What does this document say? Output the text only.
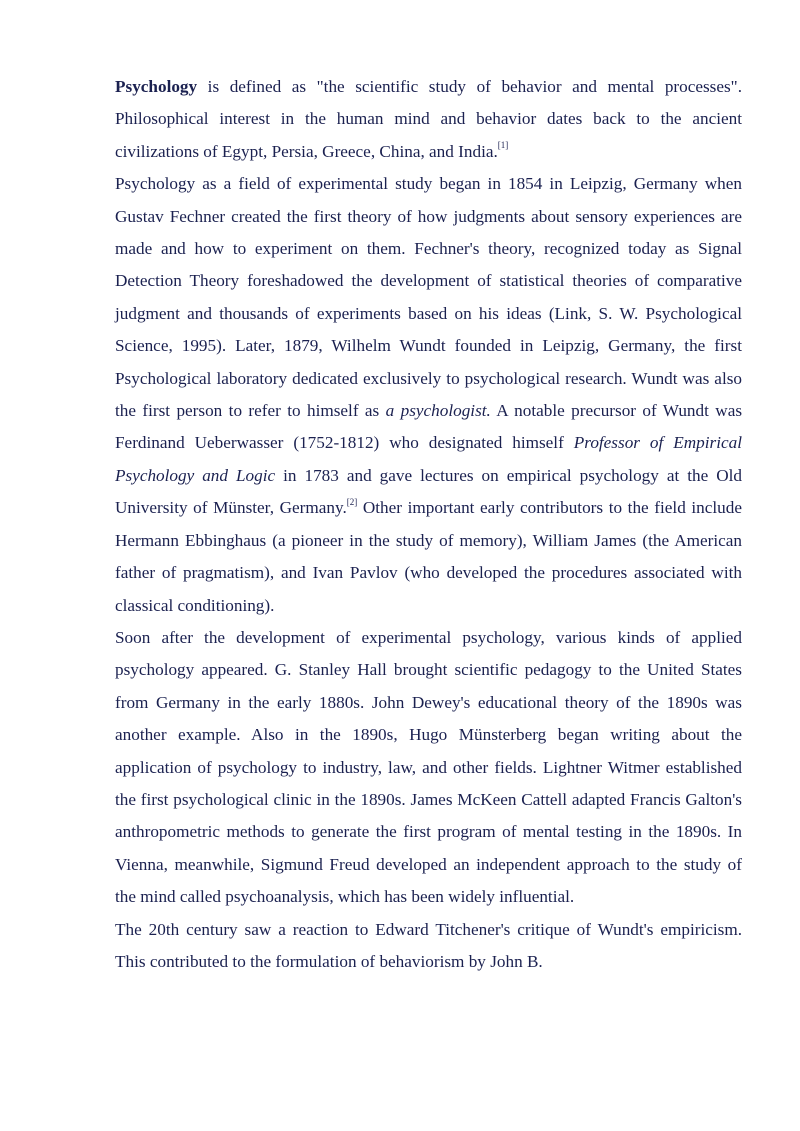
Psychology is defined as "the scientific study of behavior and mental processes". Philosophical interest in the human mind and behavior dates back to the ancient civilizations of Egypt, Persia, Greece, China, and India.[1]

Psychology as a field of experimental study began in 1854 in Leipzig, Germany when Gustav Fechner created the first theory of how judgments about sensory experiences are made and how to experiment on them. Fechner's theory, recognized today as Signal Detection Theory foreshadowed the development of statistical theories of comparative judgment and thousands of experiments based on his ideas (Link, S. W. Psychological Science, 1995). Later, 1879, Wilhelm Wundt founded in Leipzig, Germany, the first Psychological laboratory dedicated exclusively to psychological research. Wundt was also the first person to refer to himself as a psychologist. A notable precursor of Wundt was Ferdinand Ueberwasser (1752-1812) who designated himself Professor of Empirical Psychology and Logic in 1783 and gave lectures on empirical psychology at the Old University of Münster, Germany.[2] Other important early contributors to the field include Hermann Ebbinghaus (a pioneer in the study of memory), William James (the American father of pragmatism), and Ivan Pavlov (who developed the procedures associated with classical conditioning).

Soon after the development of experimental psychology, various kinds of applied psychology appeared. G. Stanley Hall brought scientific pedagogy to the United States from Germany in the early 1880s. John Dewey's educational theory of the 1890s was another example. Also in the 1890s, Hugo Münsterberg began writing about the application of psychology to industry, law, and other fields. Lightner Witmer established the first psychological clinic in the 1890s. James McKeen Cattell adapted Francis Galton's anthropometric methods to generate the first program of mental testing in the 1890s. In Vienna, meanwhile, Sigmund Freud developed an independent approach to the study of the mind called psychoanalysis, which has been widely influential.

The 20th century saw a reaction to Edward Titchener's critique of Wundt's empiricism. This contributed to the formulation of behaviorism by John B.
